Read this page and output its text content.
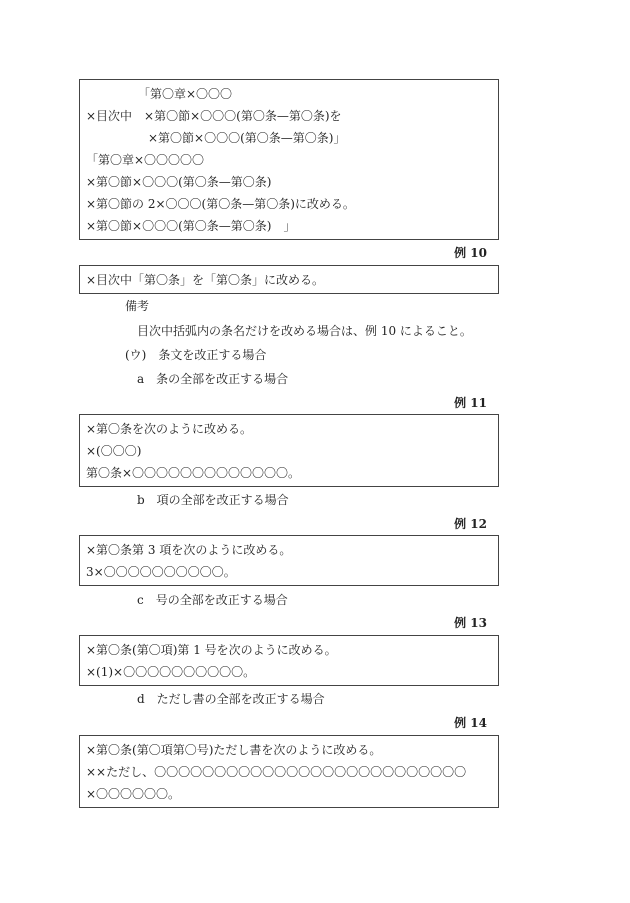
「第〇章×〇〇〇
×目次中　×第〇節×〇〇〇(第〇条—第〇条)を
×第〇節×〇〇〇(第〇条—第〇条)」
「第〇章×〇〇〇〇〇
×第〇節×〇〇〇(第〇条—第〇条)
×第〇節の 2×〇〇〇(第〇条—第〇条)に改める。
×第〇節×〇〇〇(第〇条—第〇条)　」
例 10
×目次中「第〇条」を「第〇条」に改める。
備考
目次中括弧内の条名だけを改める場合は、例 10 によること。
(ウ)　条文を改正する場合
a　条の全部を改正する場合
例 11
×第〇条を次のように改める。
×(〇〇〇)
第〇条×〇〇〇〇〇〇〇〇〇〇〇〇〇。
b　項の全部を改正する場合
例 12
×第〇条第 3 項を次のように改める。
3×〇〇〇〇〇〇〇〇〇〇。
c　号の全部を改正する場合
例 13
×第〇条(第〇項)第 1 号を次のように改める。
×(1)×〇〇〇〇〇〇〇〇〇〇。
d　ただし書の全部を改正する場合
例 14
×第〇条(第〇項第〇号)ただし書を次のように改める。
××ただし、〇〇〇〇〇〇〇〇〇〇〇〇〇〇〇〇〇〇〇〇〇〇〇〇〇〇
×〇〇〇〇〇〇。
